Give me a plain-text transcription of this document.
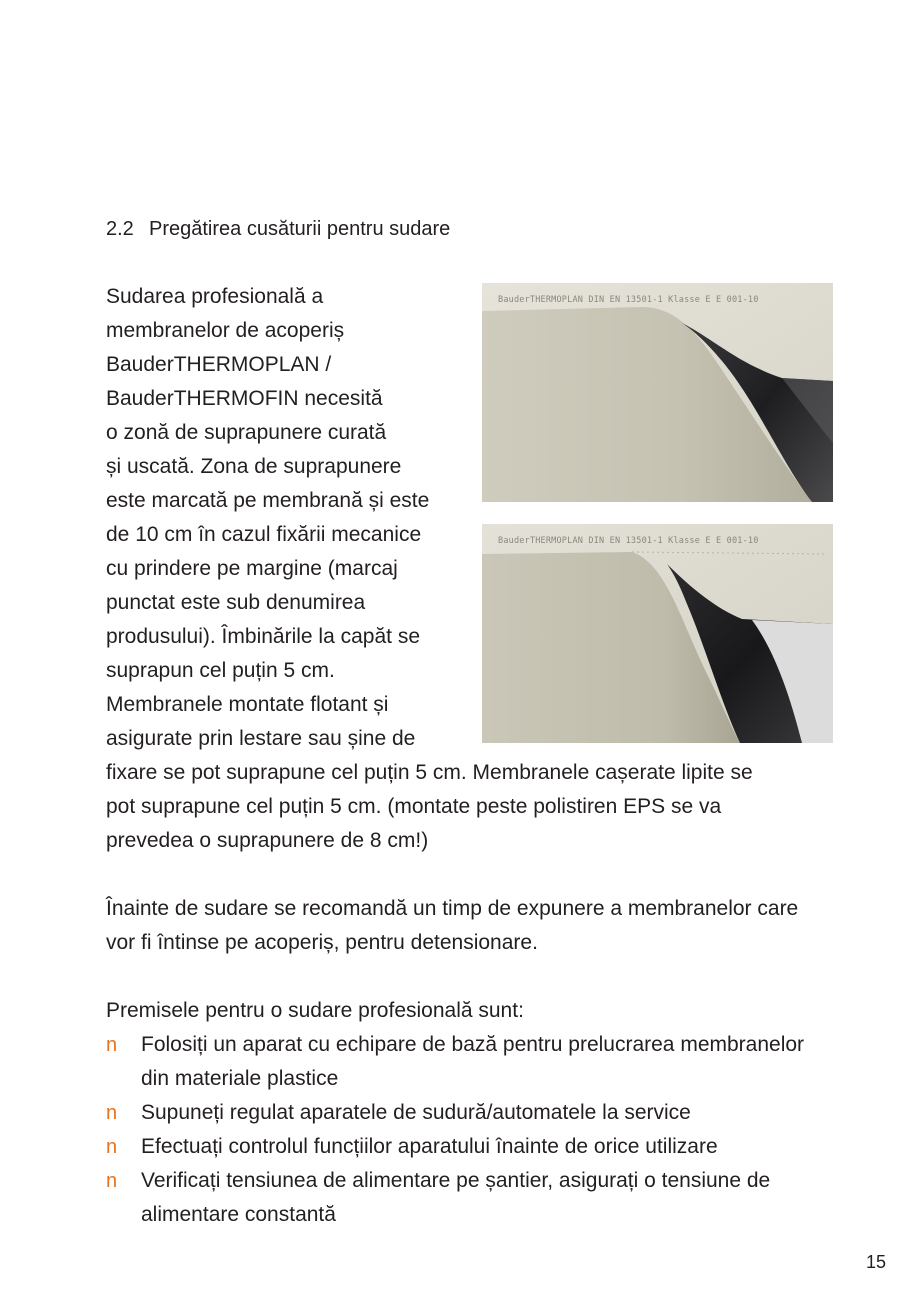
2.2 Pregătirea cusăturii pentru sudare
Sudarea profesională a
membranelor de acoperiș
BauderTHERMOPLAN /
BauderTHERMOFIN necesită
o zonă de suprapunere curată
și uscată. Zona de suprapunere
este marcată pe membrană și este
de 10 cm în cazul fixării mecanice
cu prindere pe margine (marcaj
punctat este sub denumirea
produsului). Îmbinările la capăt se
suprapun cel puțin 5 cm.
Membranele montate flotant și
asigurate prin lestare sau șine de
fixare se pot suprapune cel puțin 5 cm. Membranele cașerate lipite se
pot suprapune cel puțin 5 cm. (montate peste polistiren EPS se va
prevedea o suprapunere de 8 cm!)

Înainte de sudare se recomandă un timp de expunere a membranelor care vor fi întinse pe acoperiș, pentru detensionare.

Premisele pentru o sudare profesională sunt:

n Folosiți un aparat cu echipare de bază pentru prelucrarea membranelor din materiale plastice
n Supuneți regulat aparatele de sudură/automatele la service
n Efectuați controlul funcțiilor aparatului înainte de orice utilizare
n Verificați tensiunea de alimentare pe șantier, asigurați o tensiune de alimentare constantă
BauderTHERMOPLAN DIN EN 13501-1 Klasse E E 001-10
BauderTHERMOPLAN DIN EN 13501-1 Klasse E E 001-10
15
